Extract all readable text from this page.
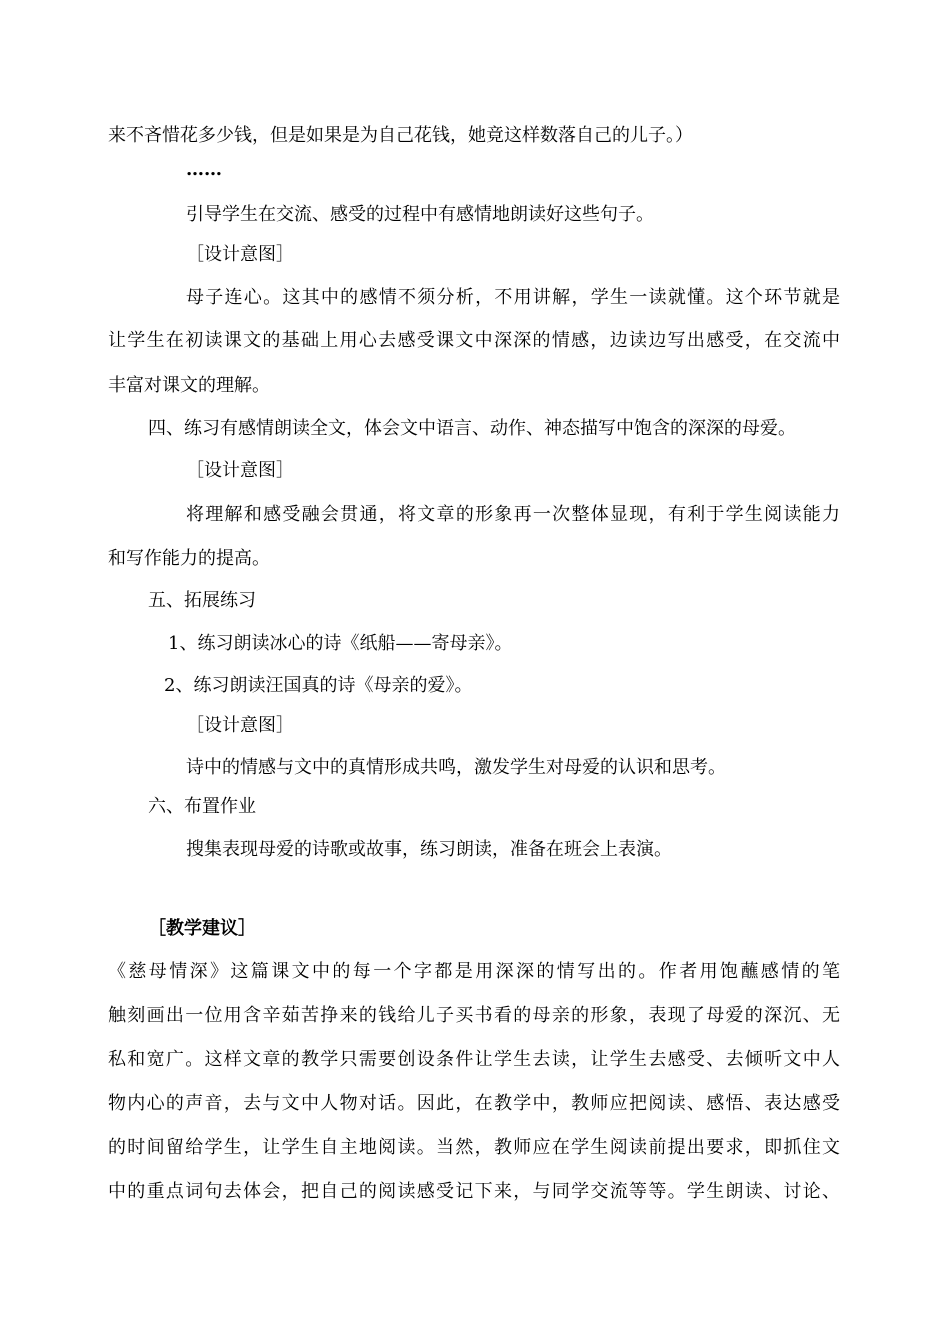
来不吝惜花多少钱，但是如果是为自己花钱，她竟这样数落自己的儿子。）
……
引导学生在交流、感受的过程中有感情地朗读好这些句子。
［设计意图］
母子连心。这其中的感情不须分析，不用讲解，学生一读就懂。这个环节就是
让学生在初读课文的基础上用心去感受课文中深深的情感，边读边写出感受，在交流中
丰富对课文的理解。
四、练习有感情朗读全文，体会文中语言、动作、神态描写中饱含的深深的母爱。
［设计意图］
将理解和感受融会贯通，将文章的形象再一次整体显现，有利于学生阅读能力
和写作能力的提高。
五、拓展练习
1、练习朗读冰心的诗《纸船——寄母亲》。
2、练习朗读汪国真的诗《母亲的爱》。
［设计意图］
诗中的情感与文中的真情形成共鸣，激发学生对母爱的认识和思考。
六、布置作业
搜集表现母爱的诗歌或故事，练习朗读，准备在班会上表演。
［教学建议］
《慈母情深》这篇课文中的每一个字都是用深深的情写出的。作者用饱蘸感情的笔
触刻画出一位用含辛茹苦挣来的钱给儿子买书看的母亲的形象，表现了母爱的深沉、无
私和宽广。这样文章的教学只需要创设条件让学生去读，让学生去感受、去倾听文中人
物内心的声音，去与文中人物对话。因此，在教学中，教师应把阅读、感悟、表达感受
的时间留给学生，让学生自主地阅读。当然，教师应在学生阅读前提出要求，即抓住文
中的重点词句去体会，把自己的阅读感受记下来，与同学交流等等。学生朗读、讨论、
